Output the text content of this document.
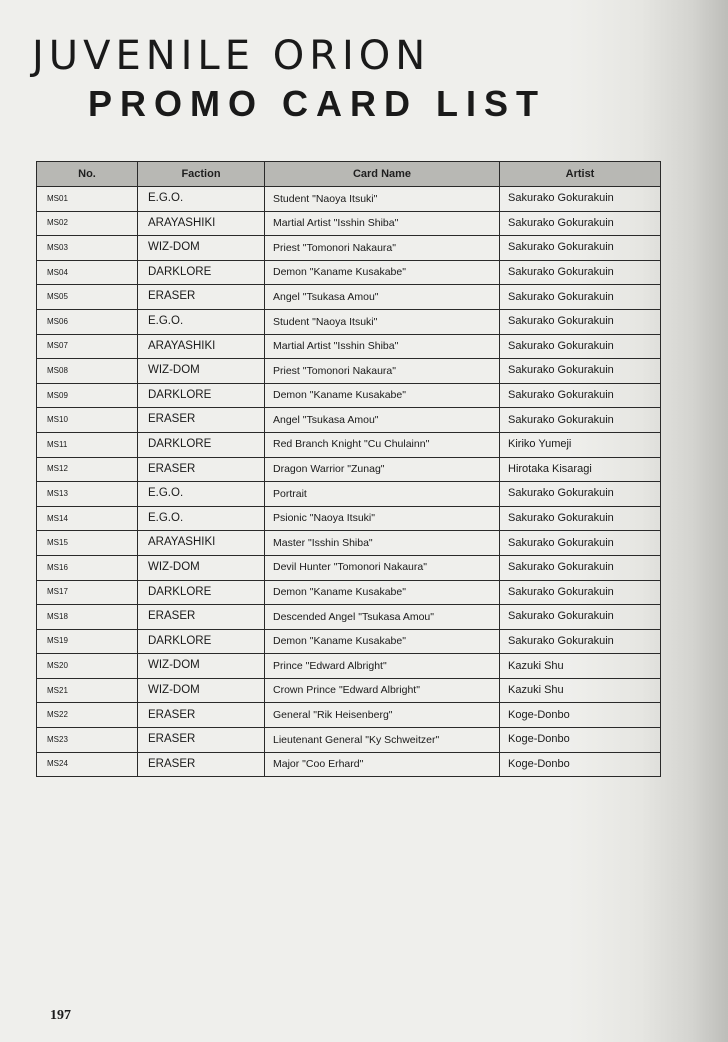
JUVENILE ORION
PROMO CARD LIST
No.	Faction	Card Name	Artist
MS01	E.G.O.	Student "Naoya Itsuki"	Sakurako Gokurakuin
MS02	ARAYASHIKI	Martial Artist "Isshin Shiba"	Sakurako Gokurakuin
MS03	WIZ-DOM	Priest "Tomonori Nakaura"	Sakurako Gokurakuin
MS04	DARKLORE	Demon "Kaname Kusakabe"	Sakurako Gokurakuin
MS05	ERASER	Angel "Tsukasa Amou"	Sakurako Gokurakuin
MS06	E.G.O.	Student "Naoya Itsuki"	Sakurako Gokurakuin
MS07	ARAYASHIKI	Martial Artist "Isshin Shiba"	Sakurako Gokurakuin
MS08	WIZ-DOM	Priest "Tomonori Nakaura"	Sakurako Gokurakuin
MS09	DARKLORE	Demon "Kaname Kusakabe"	Sakurako Gokurakuin
MS10	ERASER	Angel "Tsukasa Amou"	Sakurako Gokurakuin
MS11	DARKLORE	Red Branch Knight "Cu Chulainn"	Kiriko Yumeji
MS12	ERASER	Dragon Warrior "Zunag"	Hirotaka Kisaragi
MS13	E.G.O.	Portrait	Sakurako Gokurakuin
MS14	E.G.O.	Psionic "Naoya Itsuki"	Sakurako Gokurakuin
MS15	ARAYASHIKI	Master "Isshin Shiba"	Sakurako Gokurakuin
MS16	WIZ-DOM	Devil Hunter "Tomonori Nakaura"	Sakurako Gokurakuin
MS17	DARKLORE	Demon "Kaname Kusakabe"	Sakurako Gokurakuin
MS18	ERASER	Descended Angel "Tsukasa Amou"	Sakurako Gokurakuin
MS19	DARKLORE	Demon "Kaname Kusakabe"	Sakurako Gokurakuin
MS20	WIZ-DOM	Prince "Edward Albright"	Kazuki Shu
MS21	WIZ-DOM	Crown Prince "Edward Albright"	Kazuki Shu
MS22	ERASER	General "Rik Heisenberg"	Koge-Donbo
MS23	ERASER	Lieutenant General "Ky Schweitzer"	Koge-Donbo
MS24	ERASER	Major "Coo Erhard"	Koge-Donbo
197
